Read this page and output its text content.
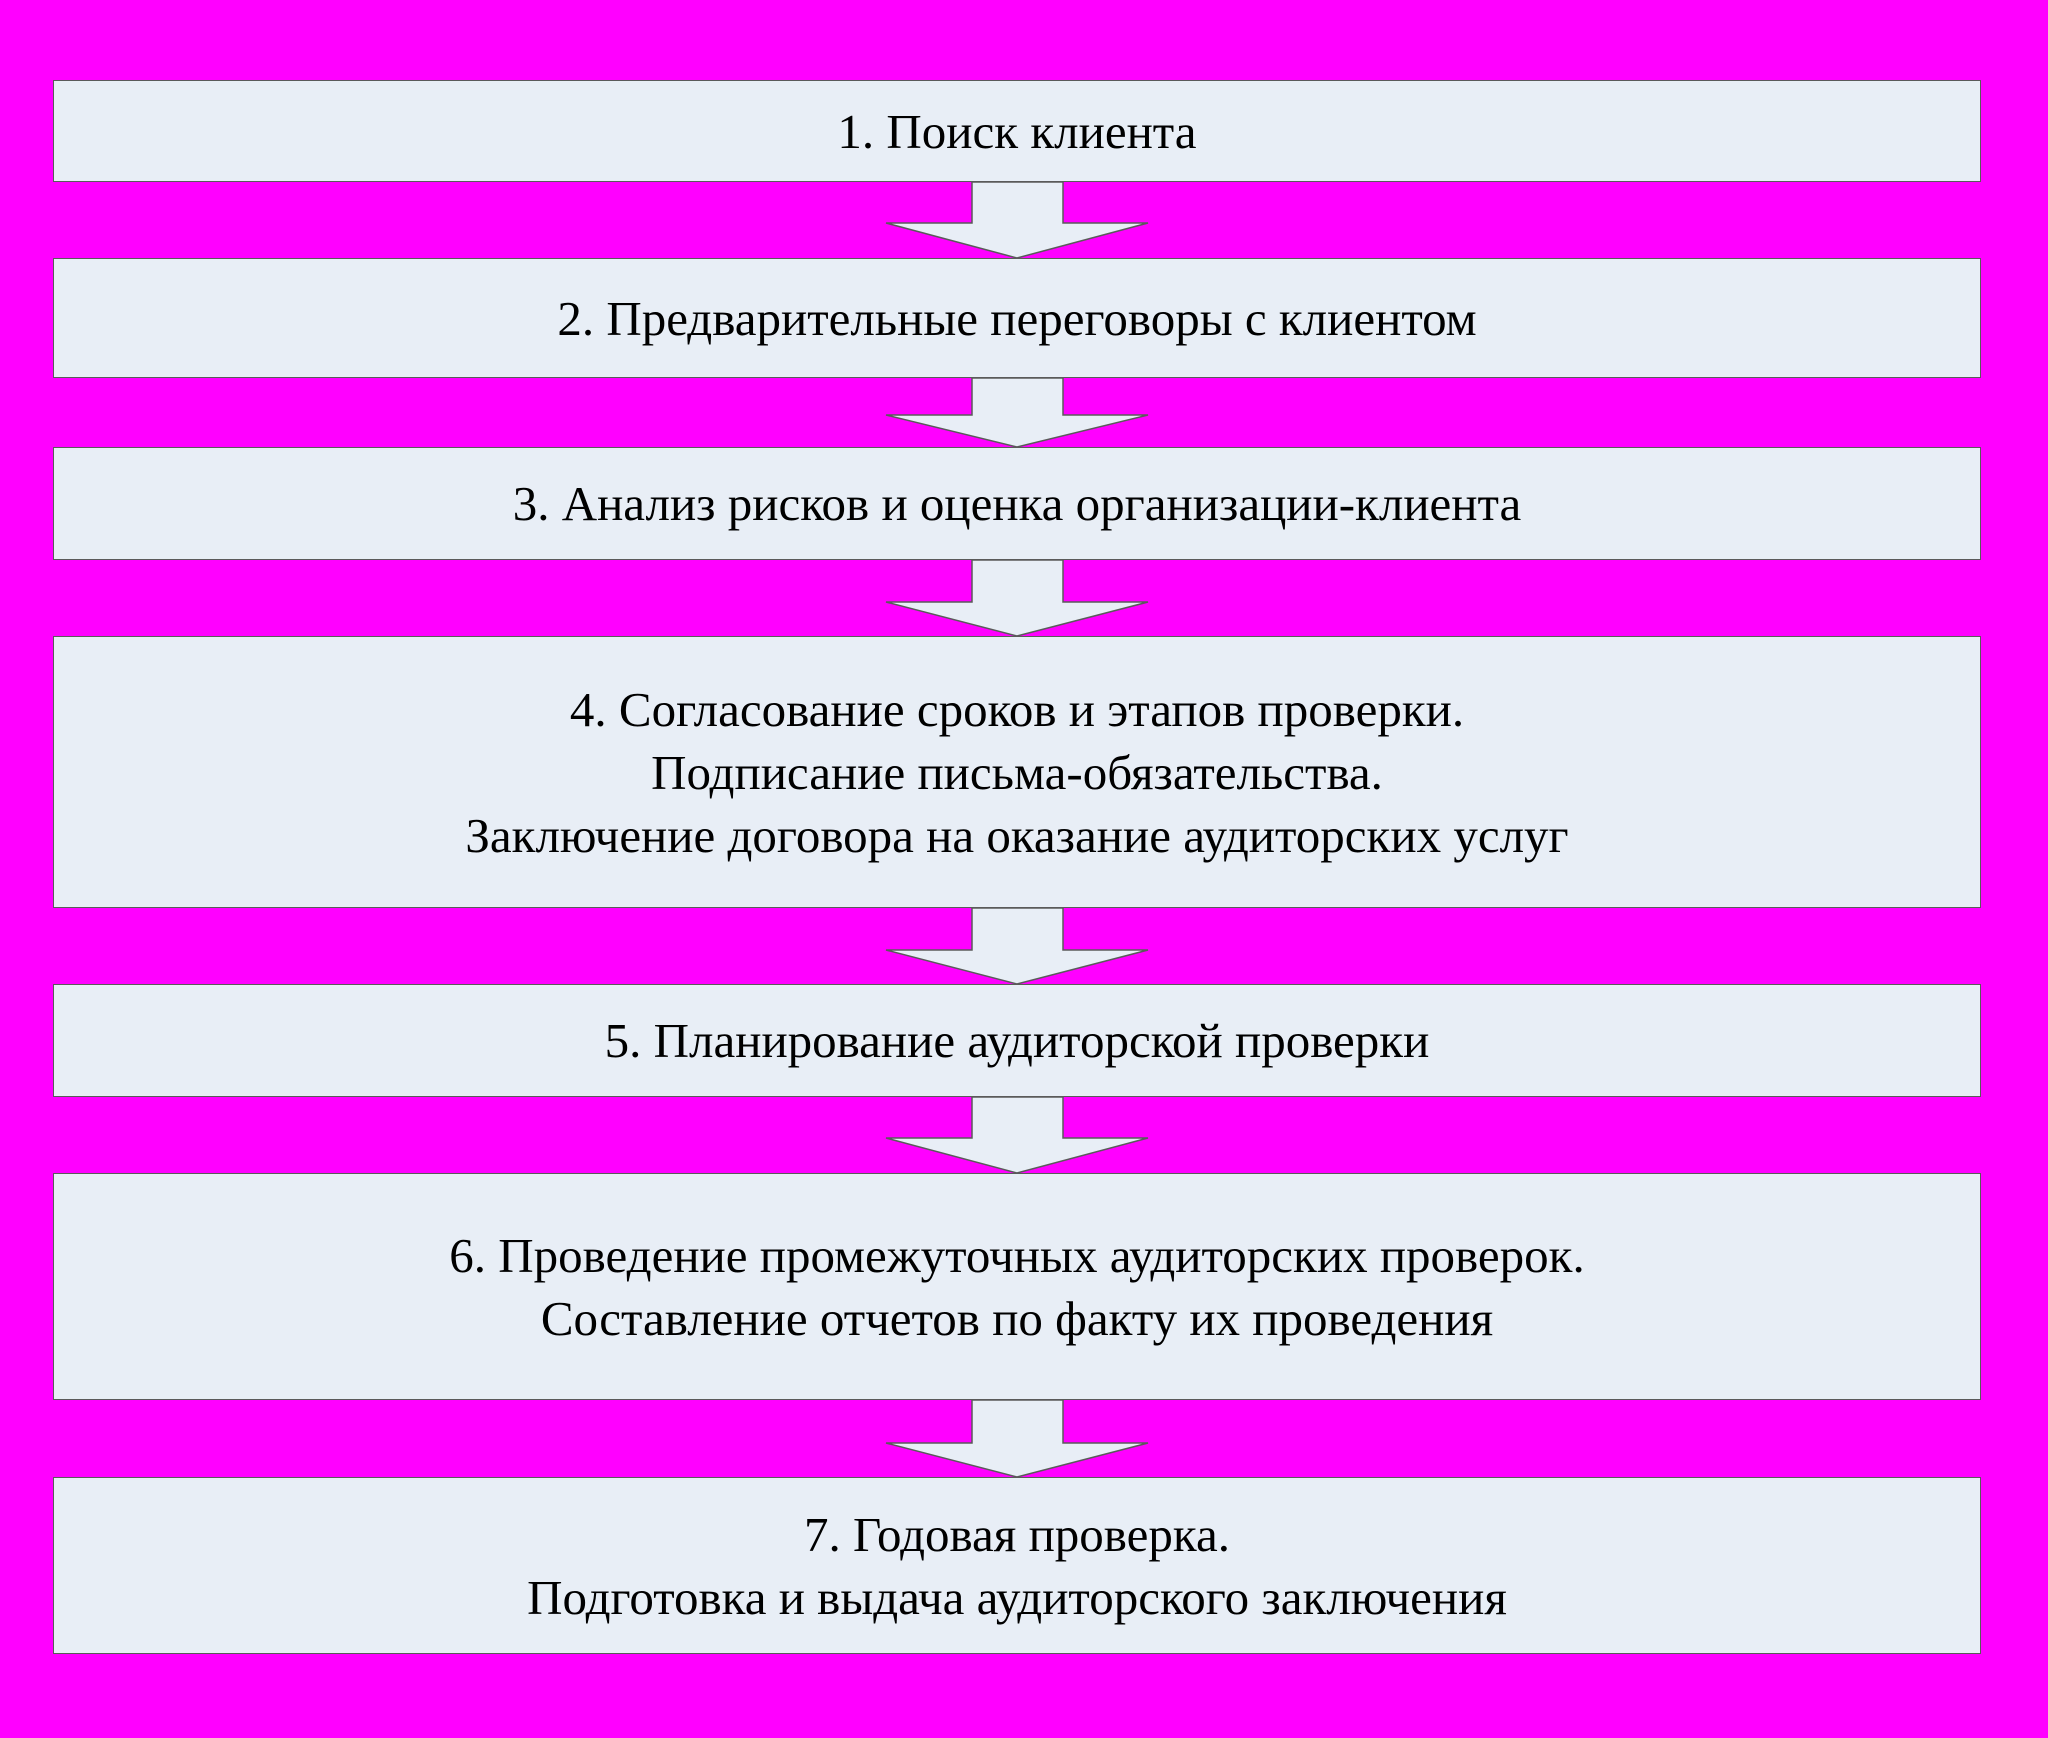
1. Поиск клиента
2. Предварительные переговоры с клиентом
3. Анализ рисков и оценка организации-клиента
4. Согласование сроков и этапов проверки.
Подписание письма-обязательства.
Заключение договора на оказание аудиторских услуг
5. Планирование аудиторской проверки
6. Проведение промежуточных аудиторских проверок.
Составление отчетов по факту их проведения
7. Годовая проверка.
Подготовка и выдача аудиторского заключения
